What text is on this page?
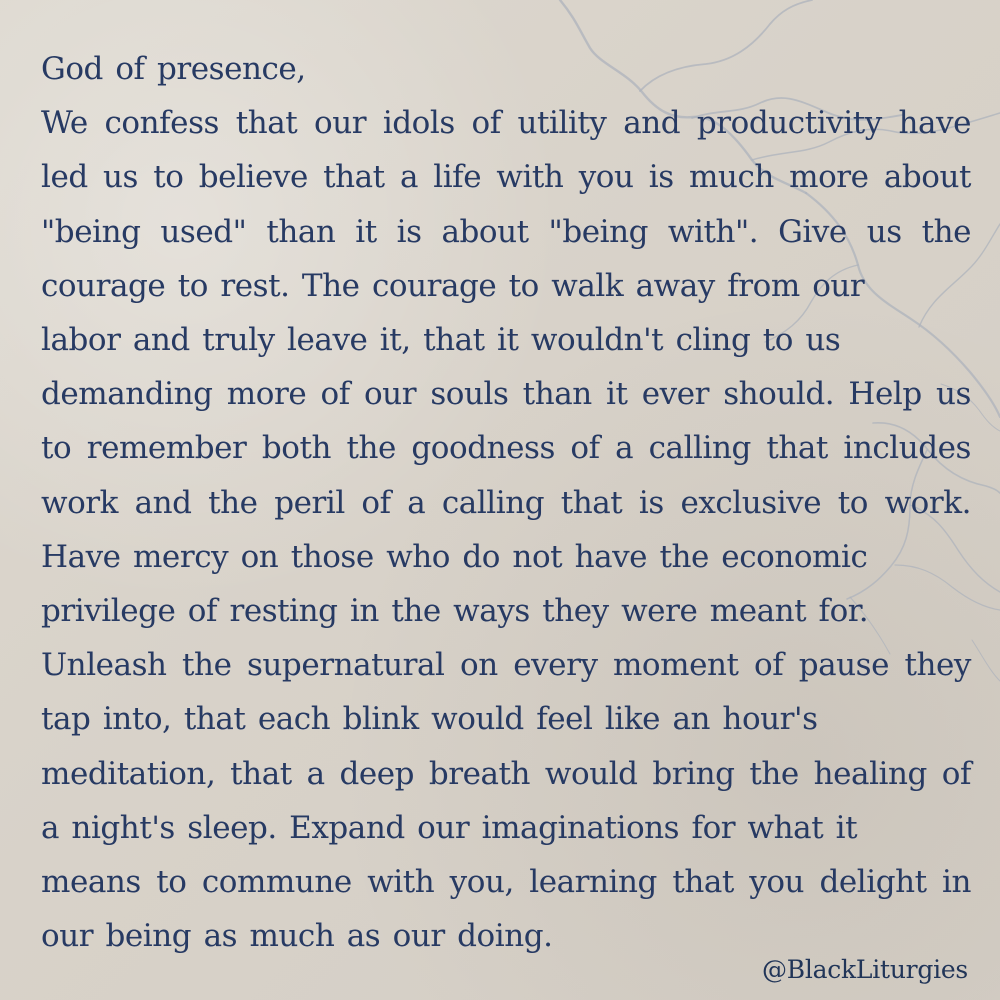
God of presence,
We confess that our idols of utility and productivity have
led us to believe that a life with you is much more about
"being used" than it is about "being with". Give us the
courage to rest. The courage to walk away from our
labor and truly leave it, that it wouldn't cling to us
demanding more of our souls than it ever should. Help us
to remember both the goodness of a calling that includes
work and the peril of a calling that is exclusive to work.
Have mercy on those who do not have the economic
privilege of resting in the ways they were meant for.
Unleash the supernatural on every moment of pause they
tap into, that each blink would feel like an hour's
meditation, that a deep breath would bring the healing of
a night's sleep. Expand our imaginations for what it
means to commune with you, learning that you delight in
our being as much as our doing.
@BlackLiturgies
